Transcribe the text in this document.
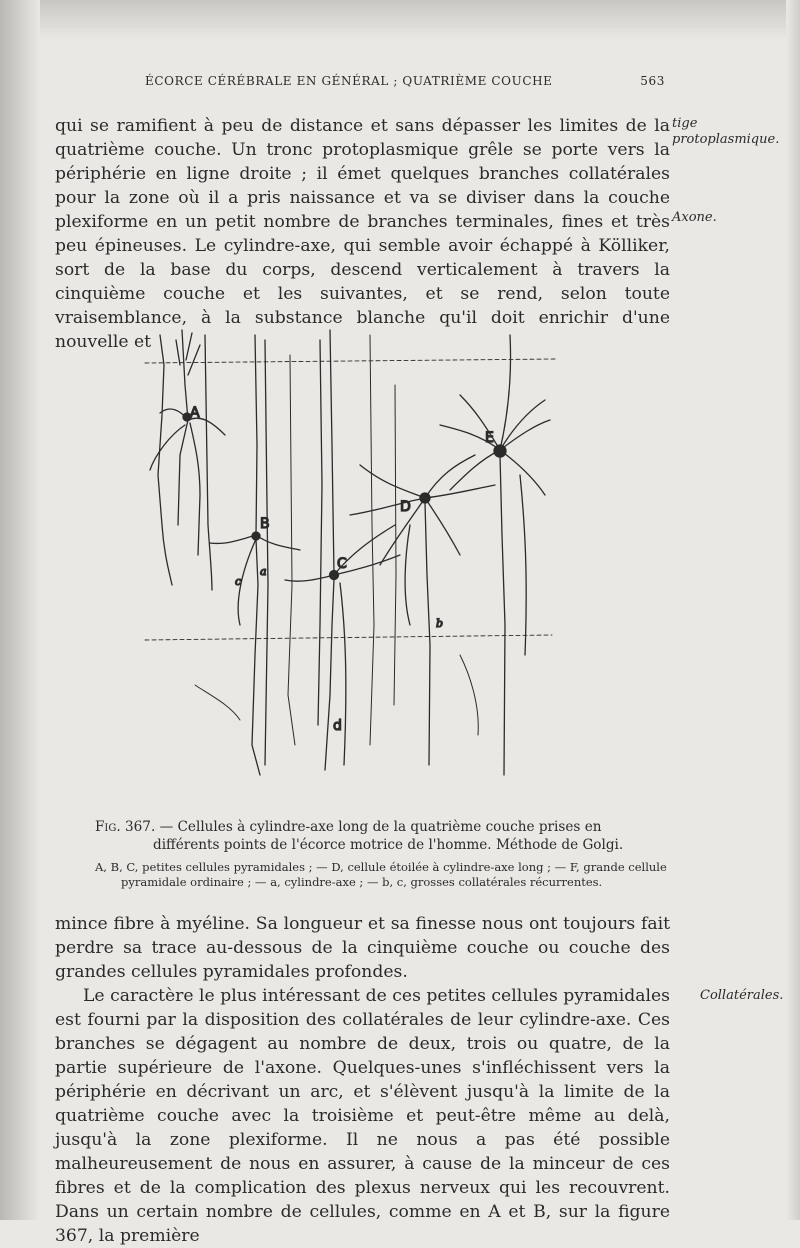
ÉCORCE CÉRÉBRALE EN GÉNÉRAL ; QUATRIÈME COUCHE	563

qui se ramifient à peu de distance et sans dépasser les limites de la quatrième couche. Un tronc protoplasmique grêle se porte vers la périphérie en ligne droite ; il émet quelques branches collatérales pour la zone où il a pris naissance et va se diviser dans la couche plexiforme en un petit nombre de branches terminales, fines et très peu épineuses. Le cylindre-axe, qui semble avoir échappé à Kölliker, sort de la base du corps, descend verticalement à travers la cinquième couche et les suivantes, et se rend, selon toute vraisemblance, à la substance blanche qu'il doit enrichir d'une nouvelle et

tige protoplasmique.
Axone.
A
B
C
D
E
a
b
c
d
Fig. 367. — Cellules à cylindre-axe long de la quatrième couche prises en différents points de l'écorce motrice de l'homme. Méthode de Golgi.
A, B, C, petites cellules pyramidales ; — D, cellule étoilée à cylindre-axe long ; — F, grande cellule pyramidale ordinaire ; — a, cylindre-axe ; — b, c, grosses collatérales récurrentes.

mince fibre à myéline. Sa longueur et sa finesse nous ont toujours fait perdre sa trace au-dessous de la cinquième couche ou couche des grandes cellules pyramidales profondes.

Le caractère le plus intéressant de ces petites cellules pyramidales est fourni par la disposition des collatérales de leur cylindre-axe. Ces branches se dégagent au nombre de deux, trois ou quatre, de la partie supérieure de l'axone. Quelques-unes s'infléchissent vers la périphérie en décrivant un arc, et s'élèvent jusqu'à la limite de la quatrième couche avec la troisième et peut-être même au delà, jusqu'à la zone plexiforme. Il ne nous a pas été possible malheureusement de nous en assurer, à cause de la minceur de ces fibres et de la complication des plexus nerveux qui les recouvrent. Dans un certain nombre de cellules, comme en A et B, sur la figure 367, la première

Collatérales.
